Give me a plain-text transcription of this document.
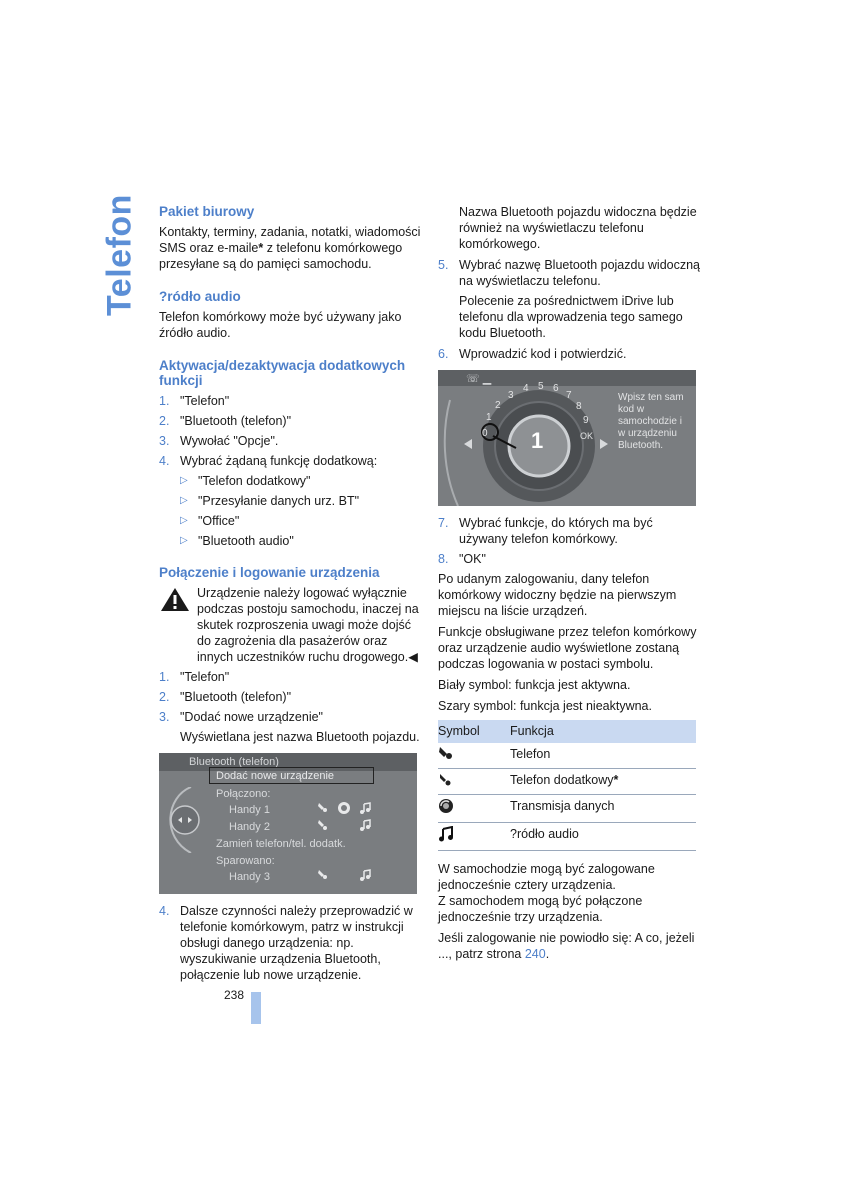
Telefon Pakiet biurowy

Kontakty, terminy, zadania, notatki, wiadomości SMS oraz e-maile* z telefonu komórkowego przesyłane są do pamięci samochodu.

?ródło audio

Telefon komórkowy może być używany jako źródło audio.

Aktywacja/dezaktywacja dodatkowych funkcji
1. "Telefon"
2. "Bluetooth (telefon)"
3. Wywołać "Opcje".
4. Wybrać żądaną funkcję dodatkową:
▷ "Telefon dodatkowy"
▷ "Przesyłanie danych urz. BT"
▷ "Office"
▷ "Bluetooth audio"
Połączenie i logowanie urządzenia
Urządzenie należy logować wyłącznie podczas postoju samochodu, inaczej na skutek rozproszenia uwagi może dojść do zagrożenia dla pasażerów oraz innych uczestników ruchu drogowego.◀
1. "Telefon"
2. "Bluetooth (telefon)"
3. "Dodać nowe urządzenie"

Wyświetlana jest nazwa Bluetooth pojazdu.

Bluetooth (telefon)
Dodać nowe urządzenie
Połączono:
Handy 1
Handy 2
Zamień telefon/tel. dodatk.
Sparowano:
Handy 3
4. Dalsze czynności należy przeprowadzić w telefonie komórkowym, patrz w instrukcji obsługi danego urządzenia: np. wyszukiwanie urządzenia Bluetooth, połączenie lub nowe urządzenie.

Nazwa Bluetooth pojazdu widoczna będzie również na wyświetlaczu telefonu komórkowego.

5. Wybrać nazwę Bluetooth pojazdu widoczną na wyświetlaczu telefonu.

Polecenie za pośrednictwem iDrive lub telefonu dla wprowadzenia tego samego kodu Bluetooth.

6. Wprowadzić kod i potwierdzić.
☏ ▁
0
1
2
3
4 5 6
7
8
9
OK
1
Wpisz ten sam kod w samochodzie i w urządzeniu Bluetooth.
7. Wybrać funkcje, do których ma być używany telefon komórkowy.
8. "OK"

Po udanym zalogowaniu, dany telefon komórkowy widoczny będzie na pierwszym miejscu na liście urządzeń.

Funkcje obsługiwane przez telefon komórkowy oraz urządzenie audio wyświetlone zostaną podczas logowania w postaci symbolu.

Biały symbol: funkcja jest aktywna.

Szary symbol: funkcja jest nieaktywna.

Symbol	Funkcja
	Telefon
	Telefon dodatkowy*
	Transmisja danych
	?ródło audio

W samochodzie mogą być zalogowane jednocześnie cztery urządzenia.

Z samochodem mogą być połączone jednocześnie trzy urządzenia.

Jeśli zalogowanie nie powiodło się: A co, jeżeli ..., patrz strona 240.

238
